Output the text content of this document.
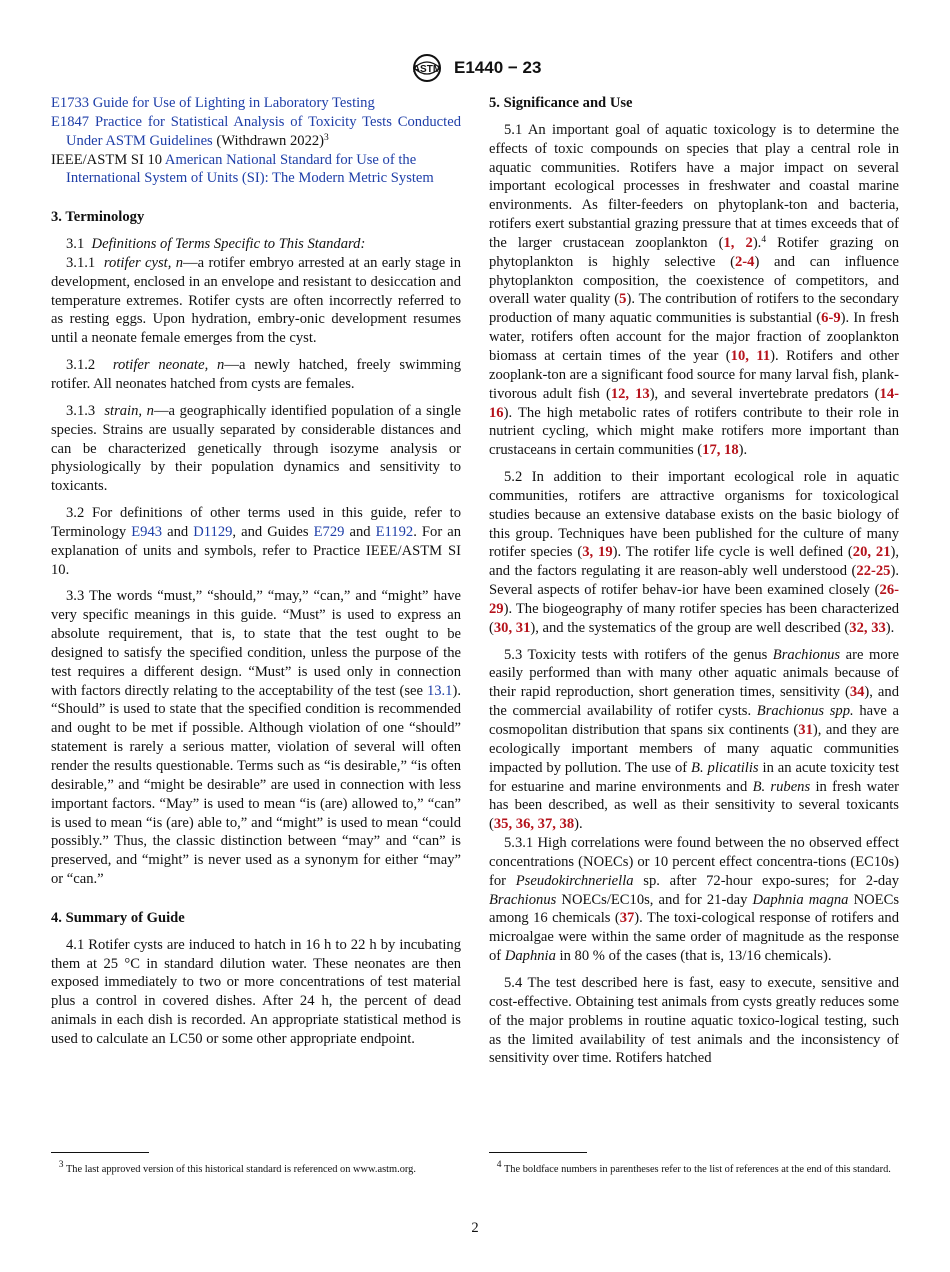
ASTM E1440 − 23
E1733 Guide for Use of Lighting in Laboratory Testing
E1847 Practice for Statistical Analysis of Toxicity Tests Conducted Under ASTM Guidelines (Withdrawn 2022)$^3$
IEEE/ASTM SI 10 American National Standard for Use of the International System of Units (SI): The Modern Metric System
3. Terminology

3.1 Definitions of Terms Specific to This Standard:

3.1.1 rotifer cyst, n—a rotifer embryo arrested at an early stage in development, enclosed in an envelope and resistant to desiccation and temperature extremes. Rotifer cysts are often incorrectly referred to as resting eggs. Upon hydration, embry-onic development resumes until a neonate female emerges from the cyst.

3.1.2 rotifer neonate, n—a newly hatched, freely swimming rotifer. All neonates hatched from cysts are females.

3.1.3 strain, n—a geographically identified population of a single species. Strains are usually separated by considerable distances and can be characterized genetically through isozyme analysis or physiologically by their population dynamics and sensitivity to toxicants.

3.2 For definitions of other terms used in this guide, refer to Terminology E943 and D1129, and Guides E729 and E1192. For an explanation of units and symbols, refer to Practice IEEE/ASTM SI 10.

3.3 The words “must,” “should,” “may,” “can,” and “might” have very specific meanings in this guide. “Must” is used to express an absolute requirement, that is, to state that the test ought to be designed to satisfy the specified condition, unless the purpose of the test requires a different design. “Must” is used only in connection with factors directly relating to the acceptability of the test (see 13.1). “Should” is used to state that the specified condition is recommended and ought to be met if possible. Although violation of one “should” statement is rarely a serious matter, violation of several will often render the results questionable. Terms such as “is desirable,” “is often desirable,” and “might be desirable” are used in connection with less important factors. “May” is used to mean “is (are) allowed to,” “can” is used to mean “is (are) able to,” and “might” is used to mean “could possibly.” Thus, the classic distinction between “may” and “can” is preserved, and “might” is never used as a synonym for either “may” or “can.”

4. Summary of Guide

4.1 Rotifer cysts are induced to hatch in 16 h to 22 h by incubating them at 25 °C in standard dilution water. These neonates are then exposed immediately to two or more concentrations of test material plus a control in covered dishes. After 24 h, the percent of dead animals in each dish is recorded. An appropriate statistical method is used to calculate an LC50 or some other appropriate endpoint.

5. Significance and Use

5.1 An important goal of aquatic toxicology is to determine the effects of toxic compounds on species that play a central role in aquatic communities. Rotifers have a major impact on several important ecological processes in freshwater and coastal marine environments. As filter-feeders on phytoplank-ton and bacteria, rotifers exert substantial grazing pressure that at times exceeds that of the larger crustacean zooplankton (1, 2).$^4$ Rotifer grazing on phytoplankton is highly selective (2-4) and can influence phytoplankton composition, the coexistence of competitors, and overall water quality (5). The contribution of rotifers to the secondary production of many aquatic communities is substantial (6-9). In fresh water, rotifers often account for the major fraction of zooplankton biomass at certain times of the year (10, 11). Rotifers and other zooplank-ton are a significant food source for many larval fish, plank-tivorous adult fish (12, 13), and several invertebrate predators (14-16). The high metabolic rates of rotifers contribute to their role in nutrient cycling, which might make rotifers more important than crustaceans in certain communities (17, 18).

5.2 In addition to their important ecological role in aquatic communities, rotifers are attractive organisms for toxicological studies because an extensive database exists on the basic biology of this group. Techniques have been published for the culture of many rotifer species (3, 19). The rotifer life cycle is well defined (20, 21), and the factors regulating it are reason-ably well understood (22-25). Several aspects of rotifer behav-ior have been examined closely (26-29). The biogeography of many rotifer species has been characterized (30, 31), and the systematics of the group are well described (32, 33).

5.3 Toxicity tests with rotifers of the genus Brachionus are more easily performed than with many other aquatic animals because of their rapid reproduction, short generation times, sensitivity (34), and the commercial availability of rotifer cysts. Brachionus spp. have a cosmopolitan distribution that spans six continents (31), and they are ecologically important members of many aquatic communities impacted by pollution. The use of B. plicatilis in an acute toxicity test for estuarine and marine environments and B. rubens in fresh water has been described, as well as their sensitivity to several toxicants (35, 36, 37, 38).

5.3.1 High correlations were found between the no observed effect concentrations (NOECs) or 10 percent effect concentra-tions (EC10s) for Pseudokirchneriella sp. after 72-hour expo-sures; for 2-day Brachionus NOECs/EC10s, and for 21-day Daphnia magna NOECs among 16 chemicals (37). The toxi-cological response of rotifers and microalgae were within the same order of magnitude as the response of Daphnia in 80 % of the cases (that is, 13/16 chemicals).

5.4 The test described here is fast, easy to execute, sensitive and cost-effective. Obtaining test animals from cysts greatly reduces some of the major problems in routine aquatic toxico-logical testing, such as the limited availability of test animals and the inconsistency of sensitivity over time. Rotifers hatched

$^3$ The last approved version of this historical standard is referenced on www.astm.org.	$^4$ The boldface numbers in parentheses refer to the list of references at the end of this standard.
2
